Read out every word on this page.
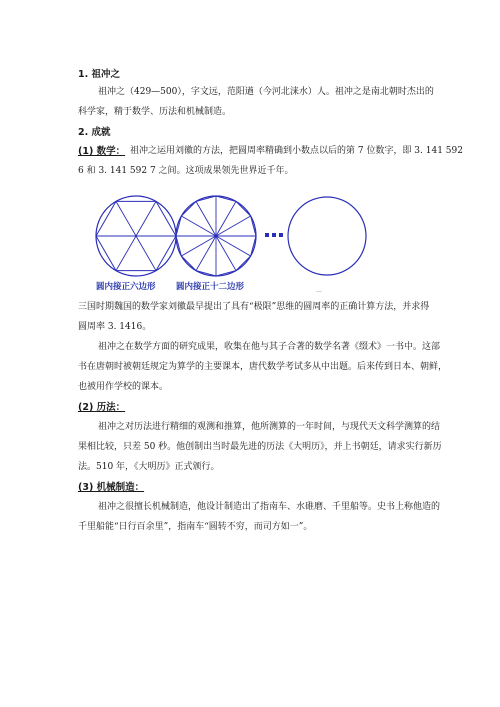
1. 祖冲之
祖冲之（429—500），字文远，范阳遒（今河北涞水）人。祖冲之是南北朝时杰出的
科学家，精于数学、历法和机械制造。
2. 成就
(1) 数学： 祖冲之运用刘徽的方法，把圆周率精确到小数点以后的第 7 位数字，即 3. 141 592
6 和 3. 141 592 7 之间。这项成果领先世界近千年。
…
圆内接正六边形 圆内接正十二边形
三国时期魏国的数学家刘徽最早提出了具有“极限”思维的圆周率的正确计算方法，并求得
圆周率 3. 1416。
祖冲之在数学方面的研究成果，收集在他与其子合著的数学名著《缀术》一书中。这部
书在唐朝时被朝廷规定为算学的主要课本，唐代数学考试多从中出题。后来传到日本、朝鲜，
也被用作学校的课本。
(2) 历法：
祖冲之对历法进行精细的观测和推算，他所测算的一年时间，与现代天文科学测算的结
果相比较，只差 50 秒。他创制出当时最先进的历法《大明历》，并上书朝廷，请求实行新历
法。510 年，《大明历》正式颁行。
(3) 机械制造：
祖冲之很擅长机械制造，他设计制造出了指南车、水碓磨、千里船等。史书上称他造的
千里船能“日行百余里”，指南车“圆转不穷，而司方如一”。
